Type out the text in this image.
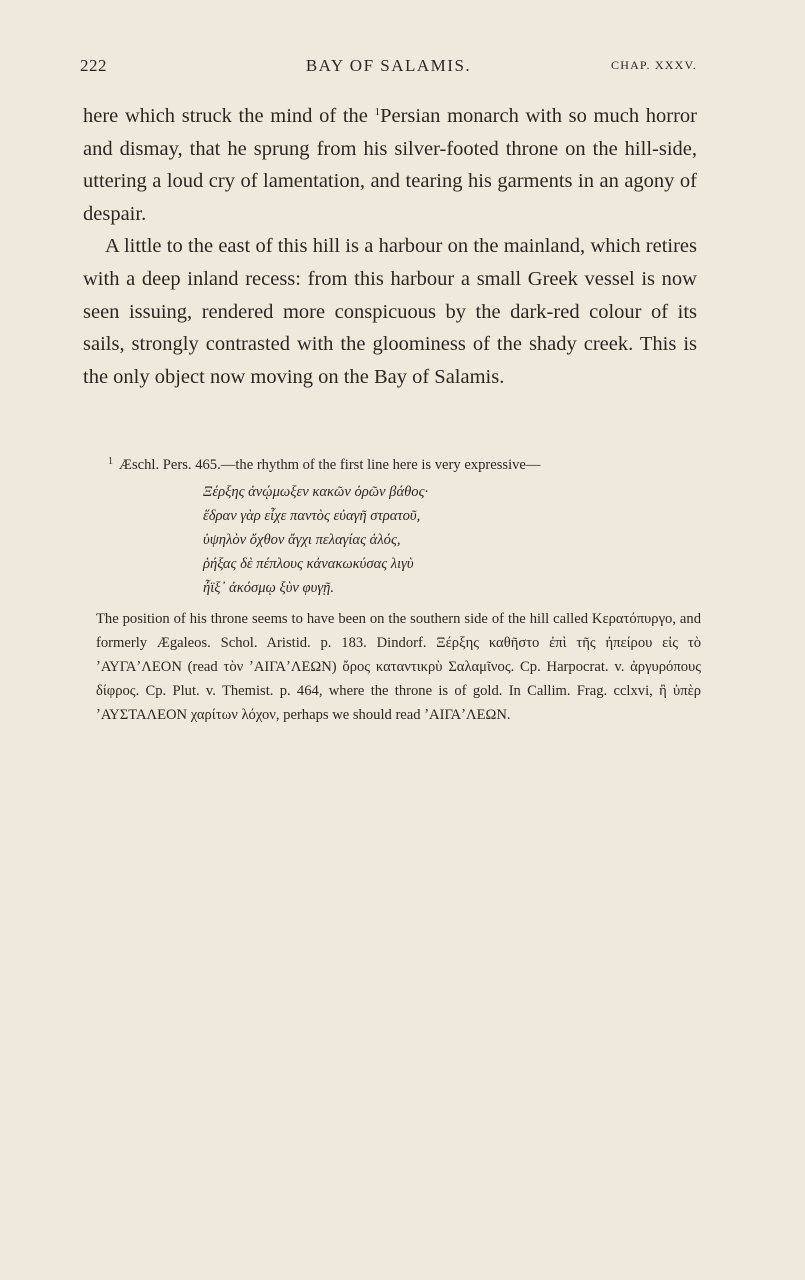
222	BAY OF SALAMIS.	CHAP. XXXV.

here which struck the mind of the $^1$Persian monarch with so much horror and dismay, that he sprung from his silver-footed throne on the hill-side, uttering a loud cry of lamentation, and tearing his garments in an agony of despair.

A little to the east of this hill is a harbour on the mainland, which retires with a deep inland recess: from this harbour a small Greek vessel is now seen issuing, rendered more conspicuous by the dark-red colour of its sails, strongly contrasted with the gloominess of the shady creek. This is the only object now moving on the Bay of Salamis.

$^1$ Æschl. Pers. 465.—the rhythm of the first line here is very expressive—

Ξέρξης ἀνῴμωξεν κακῶν ὁρῶν βάθος·
ἕδραν γὰρ εἶχε παντὸς εὐαγῆ στρατοῦ,
ὑψηλὸν ὄχθον ἄγχι πελαγίας ἁλός,
ῥήξας δὲ πέπλους κἀνακωκύσας λιγὺ
ἦϊξ᾽ ἀκόσμῳ ξὺν φυγῇ.

The position of his throne seems to have been on the southern side of the hill called Κερατόπυργο, and formerly Ægaleos. Schol. Aristid. p. 183. Dindorf. Ξέρξης καθῆστο ἐπὶ τῆς ἠπείρου εἰς τὸ ʼΑΥΓΑʼΛΕΟΝ (read τὸν ʼΑΙΓΑʼΛΕΩΝ) ὄρος καταντικρὺ Σαλαμῖνος. Cp. Harpocrat. v. ἀργυρόπους δίφρος. Cp. Plut. v. Themist. p. 464, where the throne is of gold. In Callim. Frag. cclxvi, ἢ ὑπὲρ ʼΑΥΣΤΑΛΕΟΝ χαρίτων λόχον, perhaps we should read ʼΑΙΓΑʼΛΕΩΝ.
